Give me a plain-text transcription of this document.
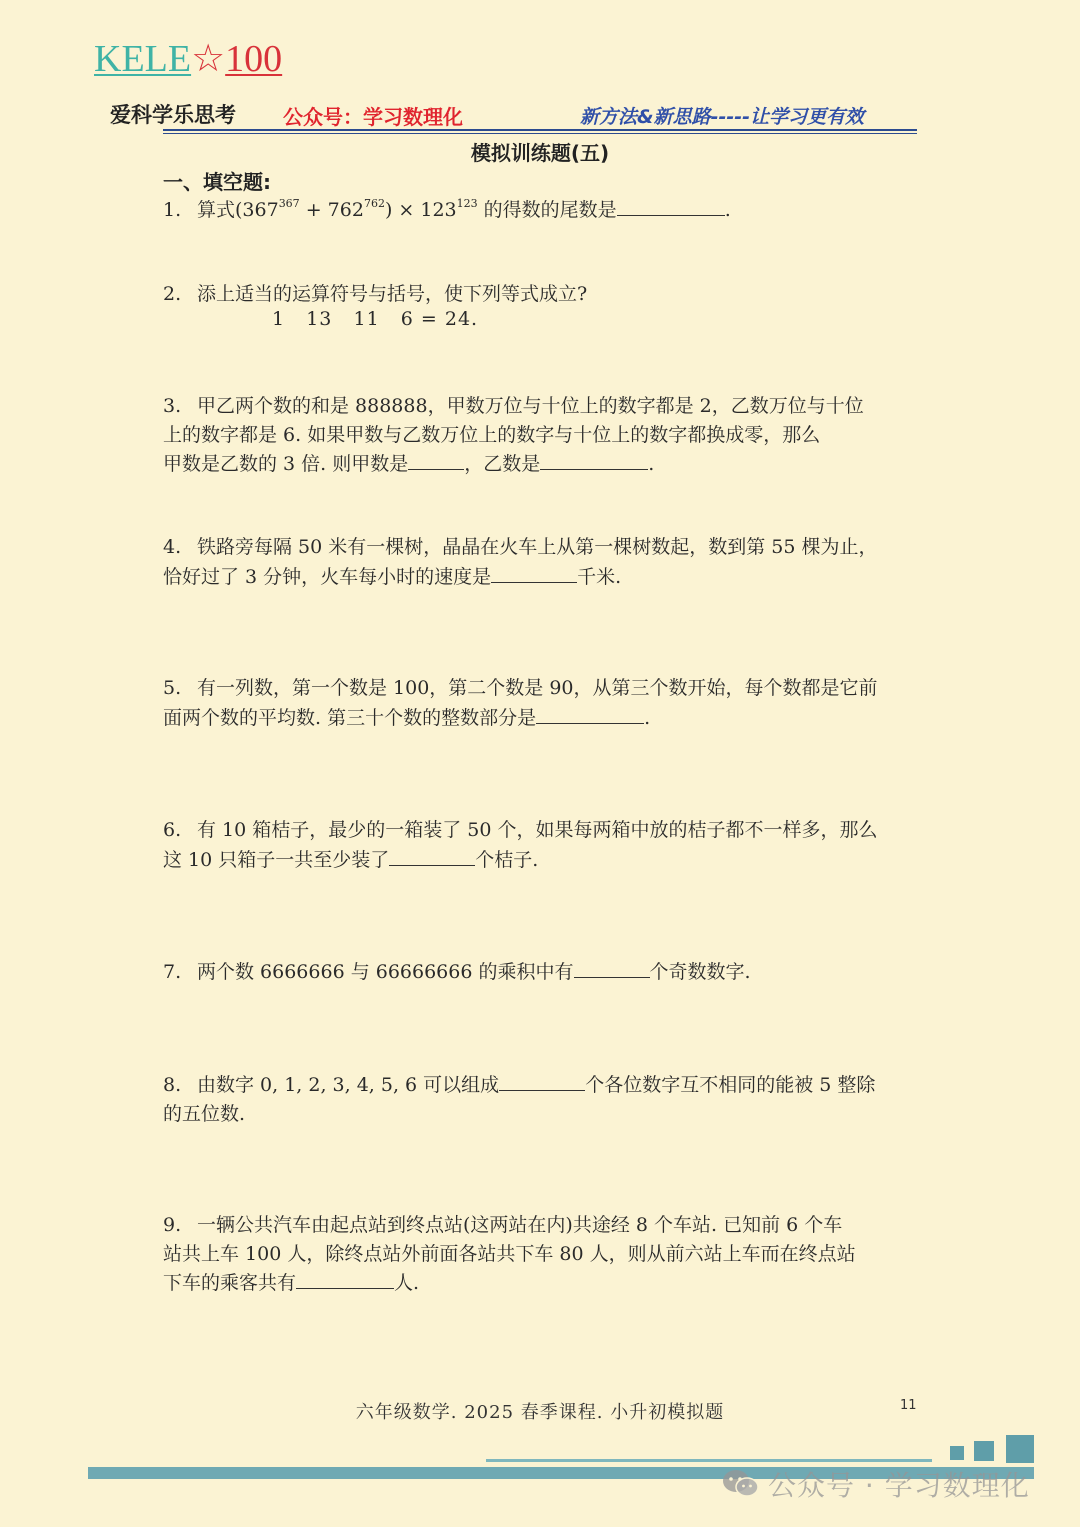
KELE☆100
爱科学乐思考 公众号：学习数理化	新方法&新思路-----让学习更有效
模拟训练题(五)
一、填空题:
1. 算式$(367^{367} + 762^{762}) \times 123^{123}$ 的得数的尾数是	.
2. 添上适当的运算符号与括号，使下列等式成立?
1   13   11   6 = 24.
3. 甲乙两个数的和是 888888，甲数万位与十位上的数字都是 2，乙数万位与十位
上的数字都是 6. 如果甲数与乙数万位上的数字与十位上的数字都换成零，那么
甲数是乙数的 3 倍. 则甲数是	，乙数是	.
4. 铁路旁每隔 50 米有一棵树，晶晶在火车上从第一棵树数起，数到第 55 棵为止，
恰好过了 3 分钟，火车每小时的速度是	千米.
5. 有一列数，第一个数是 100，第二个数是 90，从第三个数开始，每个数都是它前
面两个数的平均数. 第三十个数的整数部分是	.
6. 有 10 箱桔子，最少的一箱装了 50 个，如果每两箱中放的桔子都不一样多，那么
这 10 只箱子一共至少装了	个桔子.
7. 两个数 6666666 与 66666666 的乘积中有	个奇数数字.
8. 由数字 0, 1, 2, 3, 4, 5, 6 可以组成	个各位数字互不相同的能被 5 整除
的五位数.
9. 一辆公共汽车由起点站到终点站(这两站在内)共途经 8 个车站. 已知前 6 个车
站共上车 100 人，除终点站外前面各站共下车 80 人，则从前六站上车而在终点站
下车的乘客共有	人.
六年级数学. 2025 春季课程. 小升初模拟题	11
公众号 · 学习数理化
